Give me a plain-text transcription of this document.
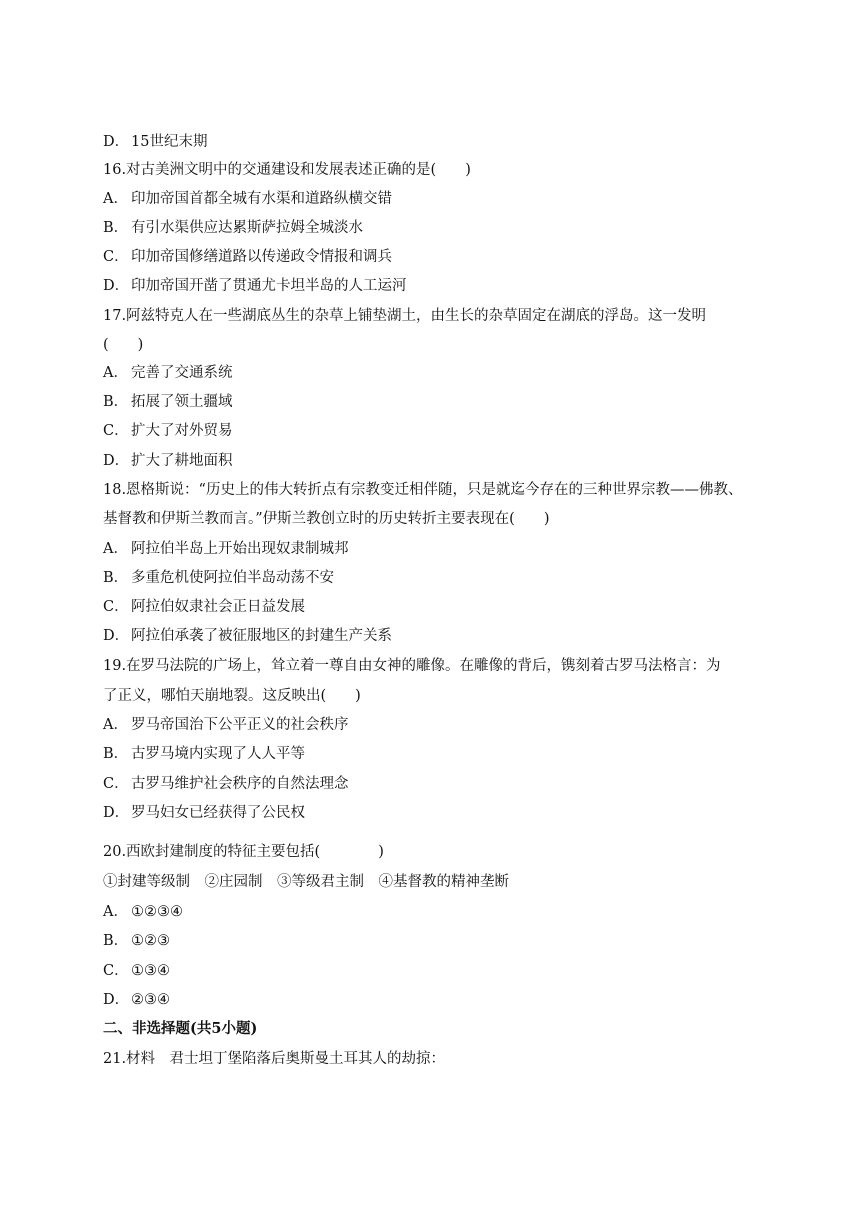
D． 15世纪末期
16.对古美洲文明中的交通建设和发展表述正确的是(　　)
A． 印加帝国首都全城有水渠和道路纵横交错
B． 有引水渠供应达累斯萨拉姆全城淡水
C． 印加帝国修缮道路以传递政令情报和调兵
D． 印加帝国开凿了贯通尤卡坦半岛的人工运河
17.阿兹特克人在一些湖底丛生的杂草上铺垫湖土，由生长的杂草固定在湖底的浮岛。这一发明
(　　)
A． 完善了交通系统
B． 拓展了领土疆域
C． 扩大了对外贸易
D． 扩大了耕地面积
18.恩格斯说：“历史上的伟大转折点有宗教变迁相伴随，只是就迄今存在的三种世界宗教——佛教、
基督教和伊斯兰教而言。”伊斯兰教创立时的历史转折主要表现在(　　)
A． 阿拉伯半岛上开始出现奴隶制城邦
B． 多重危机使阿拉伯半岛动荡不安
C． 阿拉伯奴隶社会正日益发展
D． 阿拉伯承袭了被征服地区的封建生产关系
19.在罗马法院的广场上，耸立着一尊自由女神的雕像。在雕像的背后，镌刻着古罗马法格言：为
了正义，哪怕天崩地裂。这反映出(　　)
A． 罗马帝国治下公平正义的社会秩序
B． 古罗马境内实现了人人平等
C． 古罗马维护社会秩序的自然法理念
D． 罗马妇女已经获得了公民权
20.西欧封建制度的特征主要包括(　　　　)
①封建等级制　②庄园制　③等级君主制　④基督教的精神垄断
A． ①②③④
B． ①②③
C． ①③④
D． ②③④
二、非选择题(共5小题)
21.材料　君士坦丁堡陷落后奥斯曼土耳其人的劫掠：
